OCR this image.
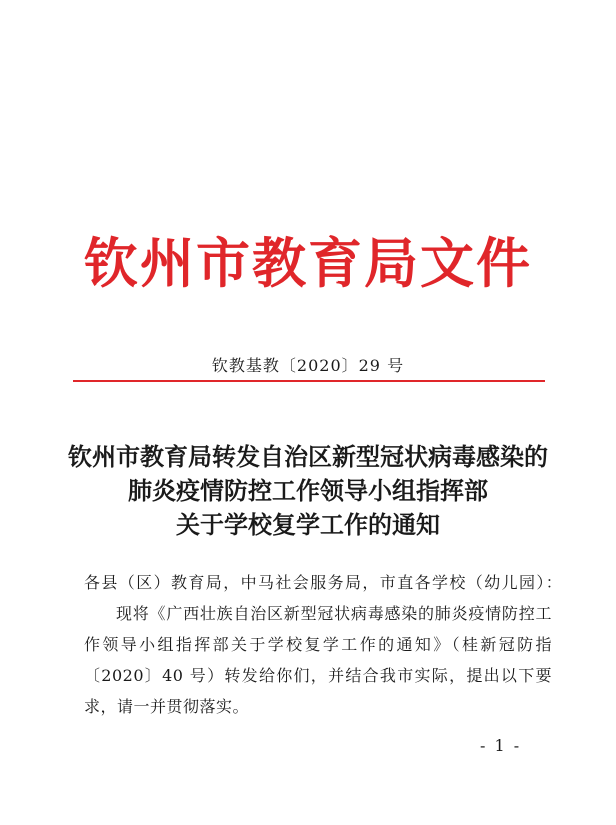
钦州市教育局文件
钦教基教〔2020〕29 号
钦州市教育局转发自治区新型冠状病毒感染的
肺炎疫情防控工作领导小组指挥部
关于学校复学工作的通知
各县（区）教育局，中马社会服务局，市直各学校（幼儿园）：
现将《广西壮族自治区新型冠状病毒感染的肺炎疫情防控工作领导小组指挥部关于学校复学工作的通知》（桂新冠防指〔2020〕40 号）转发给你们，并结合我市实际，提出以下要求，请一并贯彻落实。
- 1 -
